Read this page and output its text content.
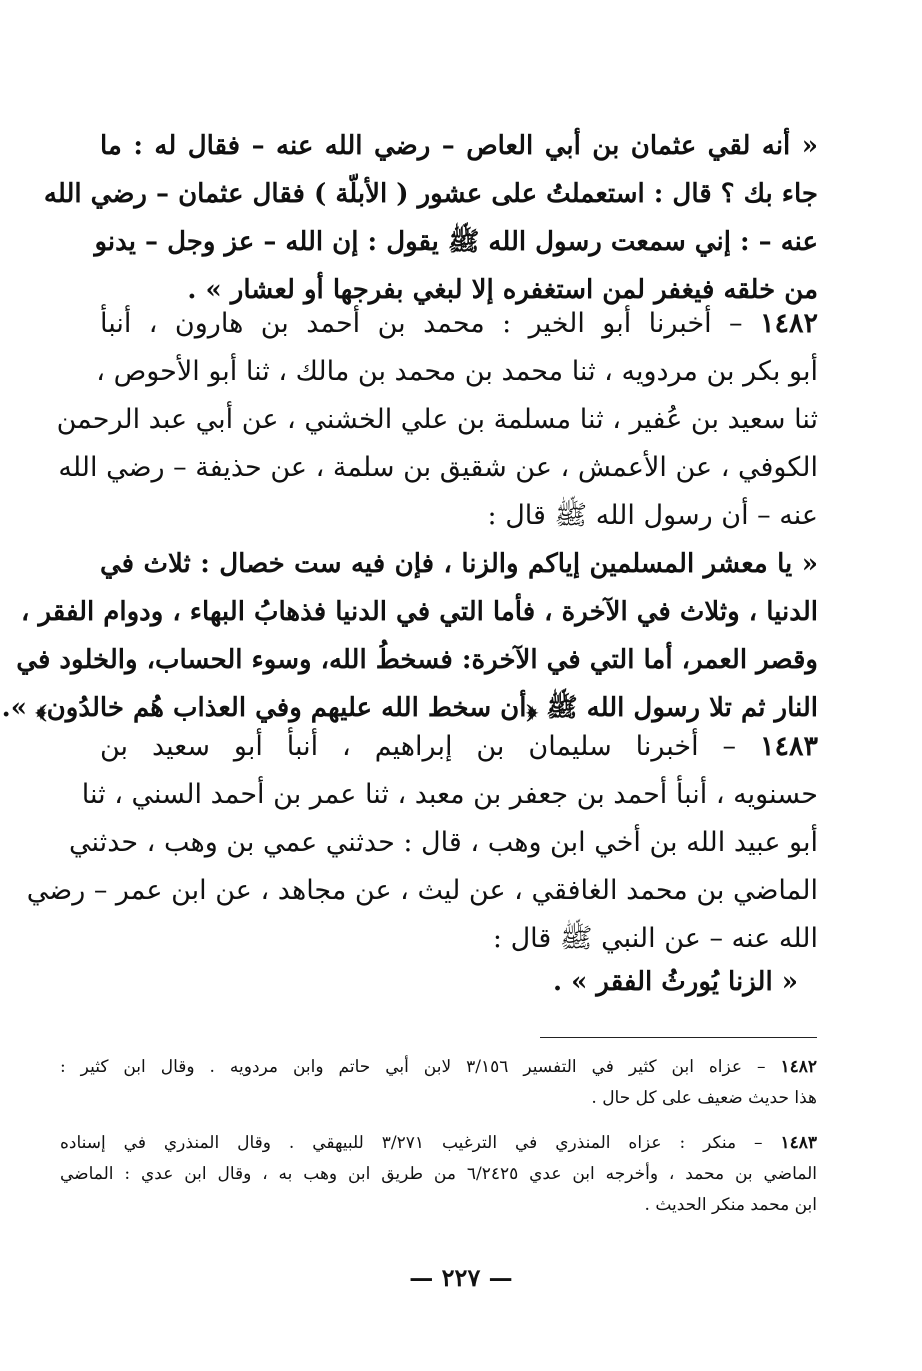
« أنه لقي عثمان بن أبي العاص – رضي الله عنه – فقال له : ما
جاء بك ؟ قال : استعملتُ على عشور ( الأبلّة ) فقال عثمان – رضي الله
عنه – : إني سمعت رسول الله ﷺ يقول : إن الله – عز وجل – يدنو
من خلقه فيغفر لمن استغفره إلا لبغي بفرجها أو لعشار » .
١٤٨٢ – أخبرنا أبو الخير : محمد بن أحمد بن هارون ، أنبأ
أبو بكر بن مردويه ، ثنا محمد بن محمد بن مالك ، ثنا أبو الأحوص ،
ثنا سعيد بن عُفير ، ثنا مسلمة بن علي الخشني ، عن أبي عبد الرحمن
الكوفي ، عن الأعمش ، عن شقيق بن سلمة ، عن حذيفة – رضي الله
عنه – أن رسول الله ﷺ قال :
« يا معشر المسلمين إياكم والزنا ، فإن فيه ست خصال : ثلاث في
الدنيا ، وثلاث في الآخرة ، فأما التي في الدنيا فذهابُ البهاء ، ودوام الفقر ،
وقصر العمر، أما التي في الآخرة: فسخطُ الله، وسوء الحساب، والخلود في
النار ثم تلا رسول الله ﷺ ﴿أن سخط الله عليهم وفي العذاب هُم خالدُون﴾ ».
١٤٨٣ – أخبرنا سليمان بن إبراهيم ، أنبأ أبو سعيد بن
حسنويه ، أنبأ أحمد بن جعفر بن معبد ، ثنا عمر بن أحمد السني ، ثنا
أبو عبيد الله بن أخي ابن وهب ، قال : حدثني عمي بن وهب ، حدثني
الماضي بن محمد الغافقي ، عن ليث ، عن مجاهد ، عن ابن عمر – رضي
الله عنه – عن النبي ﷺ قال :
« الزنا يُورثُ الفقر » .
١٤٨٢ – عزاه ابن كثير في التفسير ٣/١٥٦ لابن أبي حاتم وابن مردويه . وقال ابن كثير :
هذا حديث ضعيف على كل حال .
١٤٨٣ – منكر : عزاه المنذري في الترغيب ٣/٢٧١ للبيهقي . وقال المنذري في إسناده
الماضي بن محمد ، وأخرجه ابن عدي ٦/٢٤٢٥ من طريق ابن وهب به ، وقال ابن عدي : الماضي
ابن محمد منكر الحديث .
— ٢٢٧ —
